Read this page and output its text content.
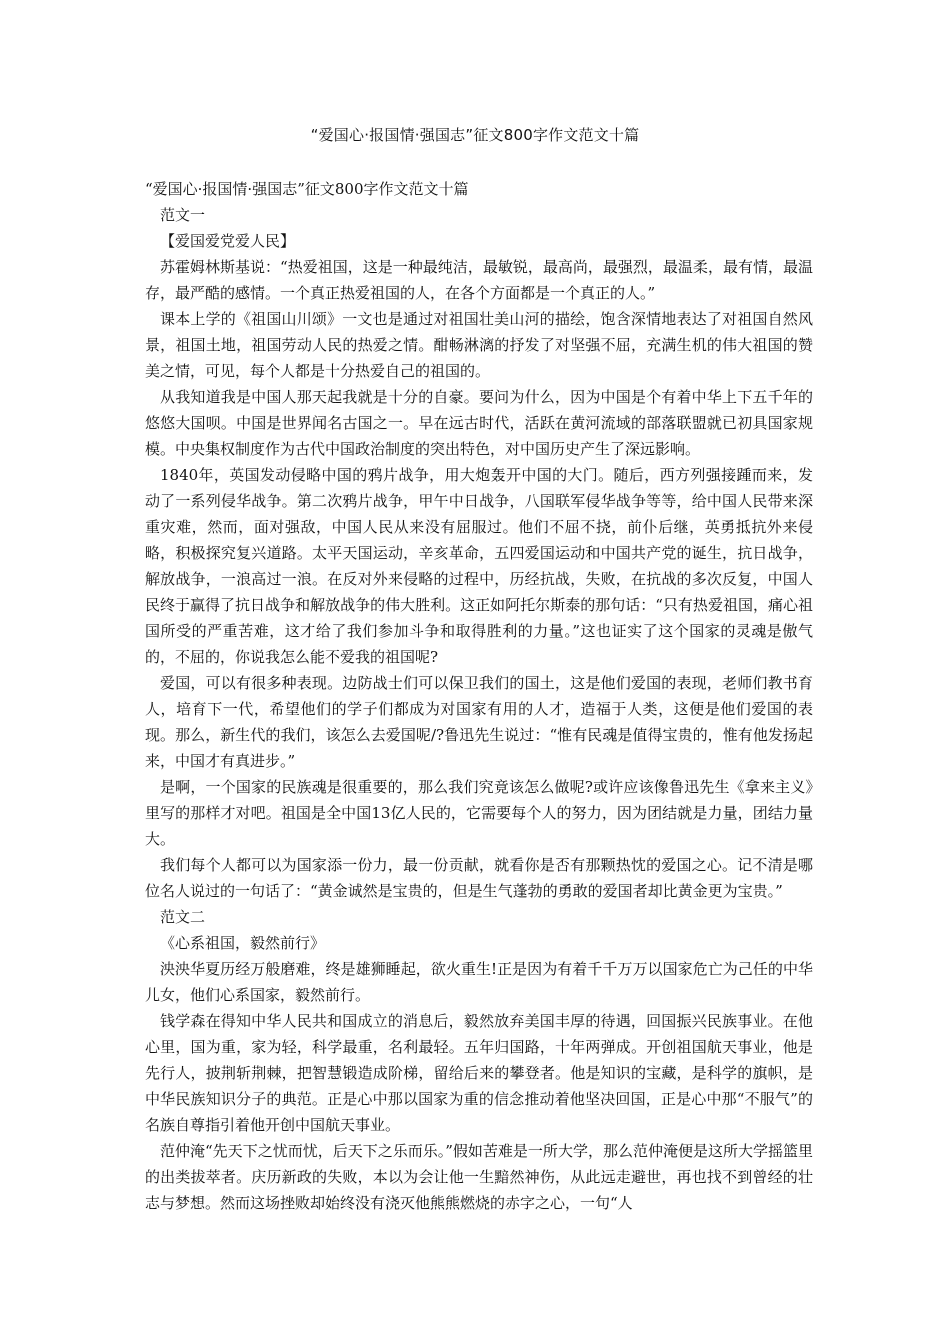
“爱国心·报国情·强国志”征文800字作文范文十篇

“爱国心·报国情·强国志”征文800字作文范文十篇

范文一

【爱国爱党爱人民】

苏霍姆林斯基说：“热爱祖国，这是一种最纯洁，最敏锐，最高尚，最强烈，最温柔，最有情，最温存，最严酷的感情。一个真正热爱祖国的人，在各个方面都是一个真正的人。”

课本上学的《祖国山川颂》一文也是通过对祖国壮美山河的描绘，饱含深情地表达了对祖国自然风景，祖国土地，祖国劳动人民的热爱之情。酣畅淋漓的抒发了对坚强不屈，充满生机的伟大祖国的赞美之情，可见，每个人都是十分热爱自己的祖国的。

从我知道我是中国人那天起我就是十分的自豪。要问为什么，因为中国是个有着中华上下五千年的悠悠大国呗。中国是世界闻名古国之一。早在远古时代，活跃在黄河流域的部落联盟就已初具国家规模。中央集权制度作为古代中国政治制度的突出特色，对中国历史产生了深远影响。

1840年，英国发动侵略中国的鸦片战争，用大炮轰开中国的大门。随后，西方列强接踵而来，发动了一系列侵华战争。第二次鸦片战争，甲午中日战争，八国联军侵华战争等等，给中国人民带来深重灾难，然而，面对强敌，中国人民从来没有屈服过。他们不屈不挠，前仆后继，英勇抵抗外来侵略，积极探究复兴道路。太平天国运动，辛亥革命，五四爱国运动和中国共产党的诞生，抗日战争，解放战争，一浪高过一浪。在反对外来侵略的过程中，历经抗战，失败，在抗战的多次反复，中国人民终于赢得了抗日战争和解放战争的伟大胜利。这正如阿托尔斯泰的那句话：“只有热爱祖国，痛心祖国所受的严重苦难，这才给了我们参加斗争和取得胜利的力量。”这也证实了这个国家的灵魂是傲气的，不屈的，你说我怎么能不爱我的祖国呢?

爱国，可以有很多种表现。边防战士们可以保卫我们的国土，这是他们爱国的表现，老师们教书育人，培育下一代，希望他们的学子们都成为对国家有用的人才，造福于人类，这便是他们爱国的表现。那么，新生代的我们，该怎么去爱国呢/?鲁迅先生说过：“惟有民魂是值得宝贵的，惟有他发扬起来，中国才有真进步。”

是啊，一个国家的民族魂是很重要的，那么我们究竟该怎么做呢?或许应该像鲁迅先生《拿来主义》里写的那样才对吧。祖国是全中国13亿人民的，它需要每个人的努力，因为团结就是力量，团结力量大。

我们每个人都可以为国家添一份力，最一份贡献，就看你是否有那颗热忱的爱国之心。记不清是哪位名人说过的一句话了：“黄金诚然是宝贵的，但是生气蓬勃的勇敢的爱国者却比黄金更为宝贵。”

范文二

《心系祖国，毅然前行》

泱泱华夏历经万般磨难，终是雄狮睡起，欲火重生!正是因为有着千千万万以国家危亡为己任的中华儿女，他们心系国家，毅然前行。

钱学森在得知中华人民共和国成立的消息后，毅然放弃美国丰厚的待遇，回国振兴民族事业。在他心里，国为重，家为轻，科学最重，名利最轻。五年归国路，十年两弹成。开创祖国航天事业，他是先行人，披荆斩荆棘，把智慧锻造成阶梯，留给后来的攀登者。他是知识的宝藏，是科学的旗帜，是中华民族知识分子的典范。正是心中那以国家为重的信念推动着他坚决回国，正是心中那“不服气”的名族自尊指引着他开创中国航天事业。

范仲淹“先天下之忧而忧，后天下之乐而乐。”假如苦难是一所大学，那么范仲淹便是这所大学摇篮里的出类拔萃者。庆历新政的失败，本以为会让他一生黯然神伤，从此远走避世，再也找不到曾经的壮志与梦想。然而这场挫败却始终没有浇灭他熊熊燃烧的赤字之心，一句“人
